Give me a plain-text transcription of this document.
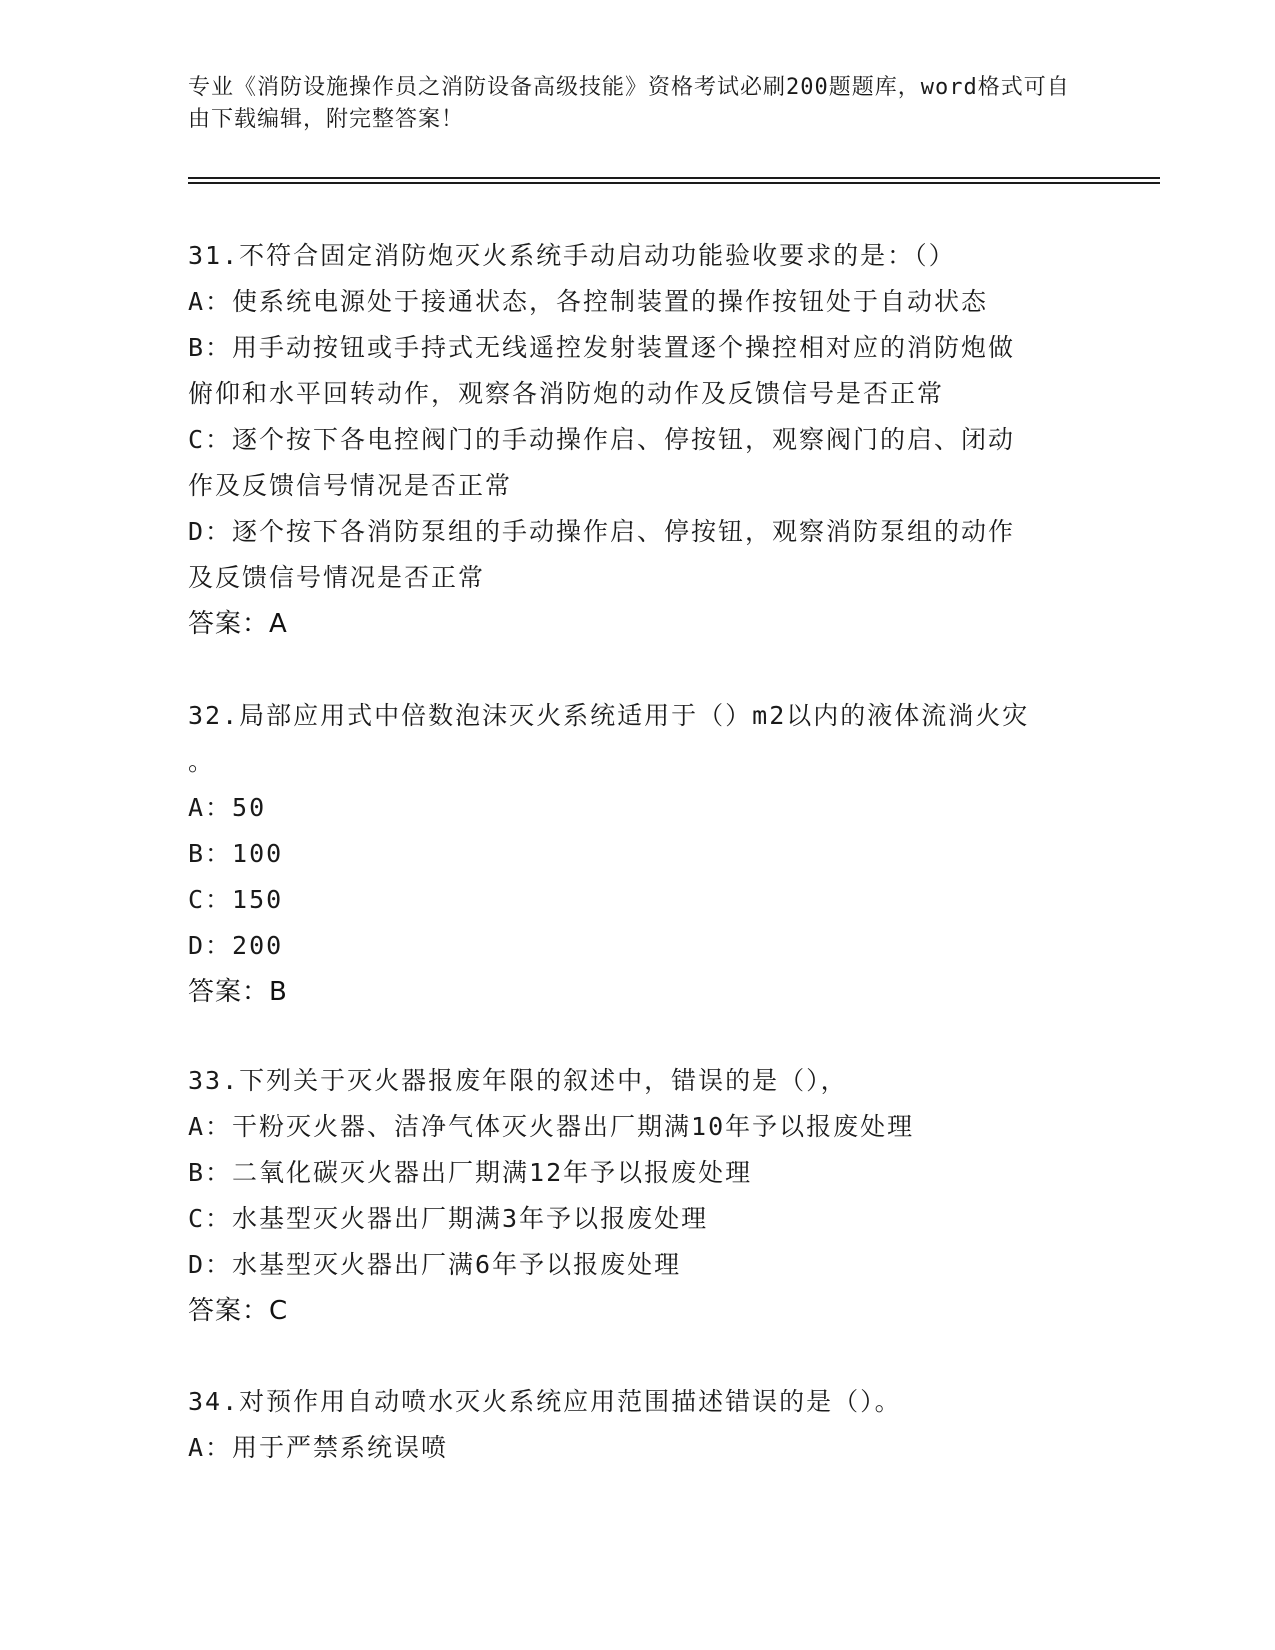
专业《消防设施操作员之消防设备高级技能》资格考试必刷200题题库，word格式可自由下载编辑，附完整答案！
31.不符合固定消防炮灭火系统手动启动功能验收要求的是：（）
A：使系统电源处于接通状态，各控制装置的操作按钮处于自动状态
B：用手动按钮或手持式无线遥控发射装置逐个操控相对应的消防炮做
俯仰和水平回转动作，观察各消防炮的动作及反馈信号是否正常
C：逐个按下各电控阀门的手动操作启、停按钮，观察阀门的启、闭动
作及反馈信号情况是否正常
D：逐个按下各消防泵组的手动操作启、停按钮，观察消防泵组的动作
及反馈信号情况是否正常
答案：A
32.局部应用式中倍数泡沫灭火系统适用于（）m2以内的液体流淌火灾
。
A：50
B：100
C：150
D：200
答案：B
33.下列关于灭火器报废年限的叙述中，错误的是（），
A：干粉灭火器、洁净气体灭火器出厂期满10年予以报废处理
B：二氧化碳灭火器出厂期满12年予以报废处理
C：水基型灭火器出厂期满3年予以报废处理
D：水基型灭火器出厂满6年予以报废处理
答案：C
34.对预作用自动喷水灭火系统应用范围描述错误的是（）。
A：用于严禁系统误喷
